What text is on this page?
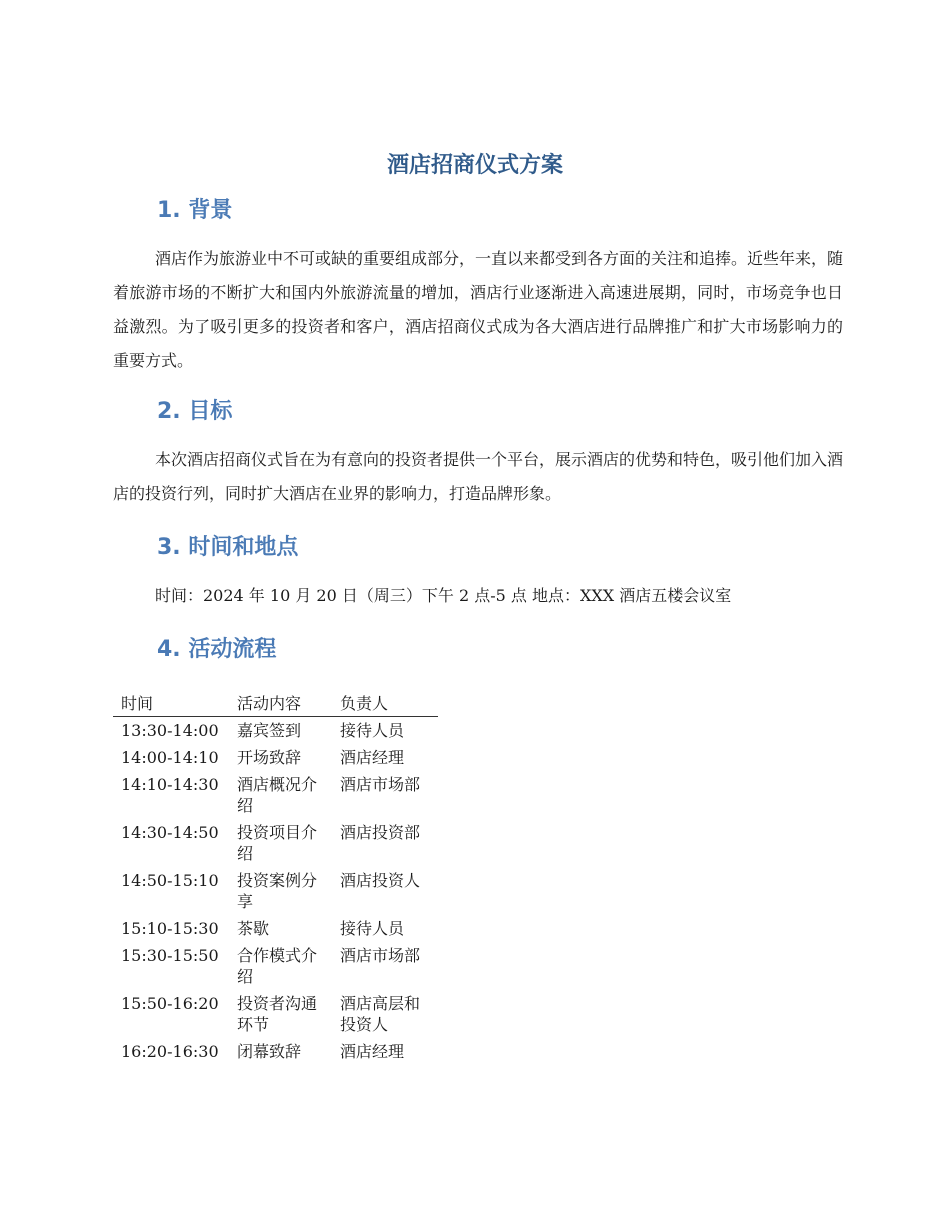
酒店招商仪式方案
1. 背景

酒店作为旅游业中不可或缺的重要组成部分，一直以来都受到各方面的关注和追捧。近些年来，随着旅游市场的不断扩大和国内外旅游流量的增加，酒店行业逐渐进入高速进展期，同时，市场竞争也日益激烈。为了吸引更多的投资者和客户，酒店招商仪式成为各大酒店进行品牌推广和扩大市场影响力的重要方式。

2. 目标

本次酒店招商仪式旨在为有意向的投资者提供一个平台，展示酒店的优势和特色，吸引他们加入酒店的投资行列，同时扩大酒店在业界的影响力，打造品牌形象。

3. 时间和地点

时间：2024 年 10 月 20 日（周三）下午 2 点-5 点 地点：XXX 酒店五楼会议室

4. 活动流程
时间	活动内容	负责人
13:30-14:00	嘉宾签到	接待人员
14:00-14:10	开场致辞	酒店经理
14:10-14:30	酒店概况介绍	酒店市场部
14:30-14:50	投资项目介绍	酒店投资部
14:50-15:10	投资案例分享	酒店投资人
15:10-15:30	茶歇	接待人员
15:30-15:50	合作模式介绍	酒店市场部
15:50-16:20	投资者沟通环节	酒店高层和投资人
16:20-16:30	闭幕致辞	酒店经理
